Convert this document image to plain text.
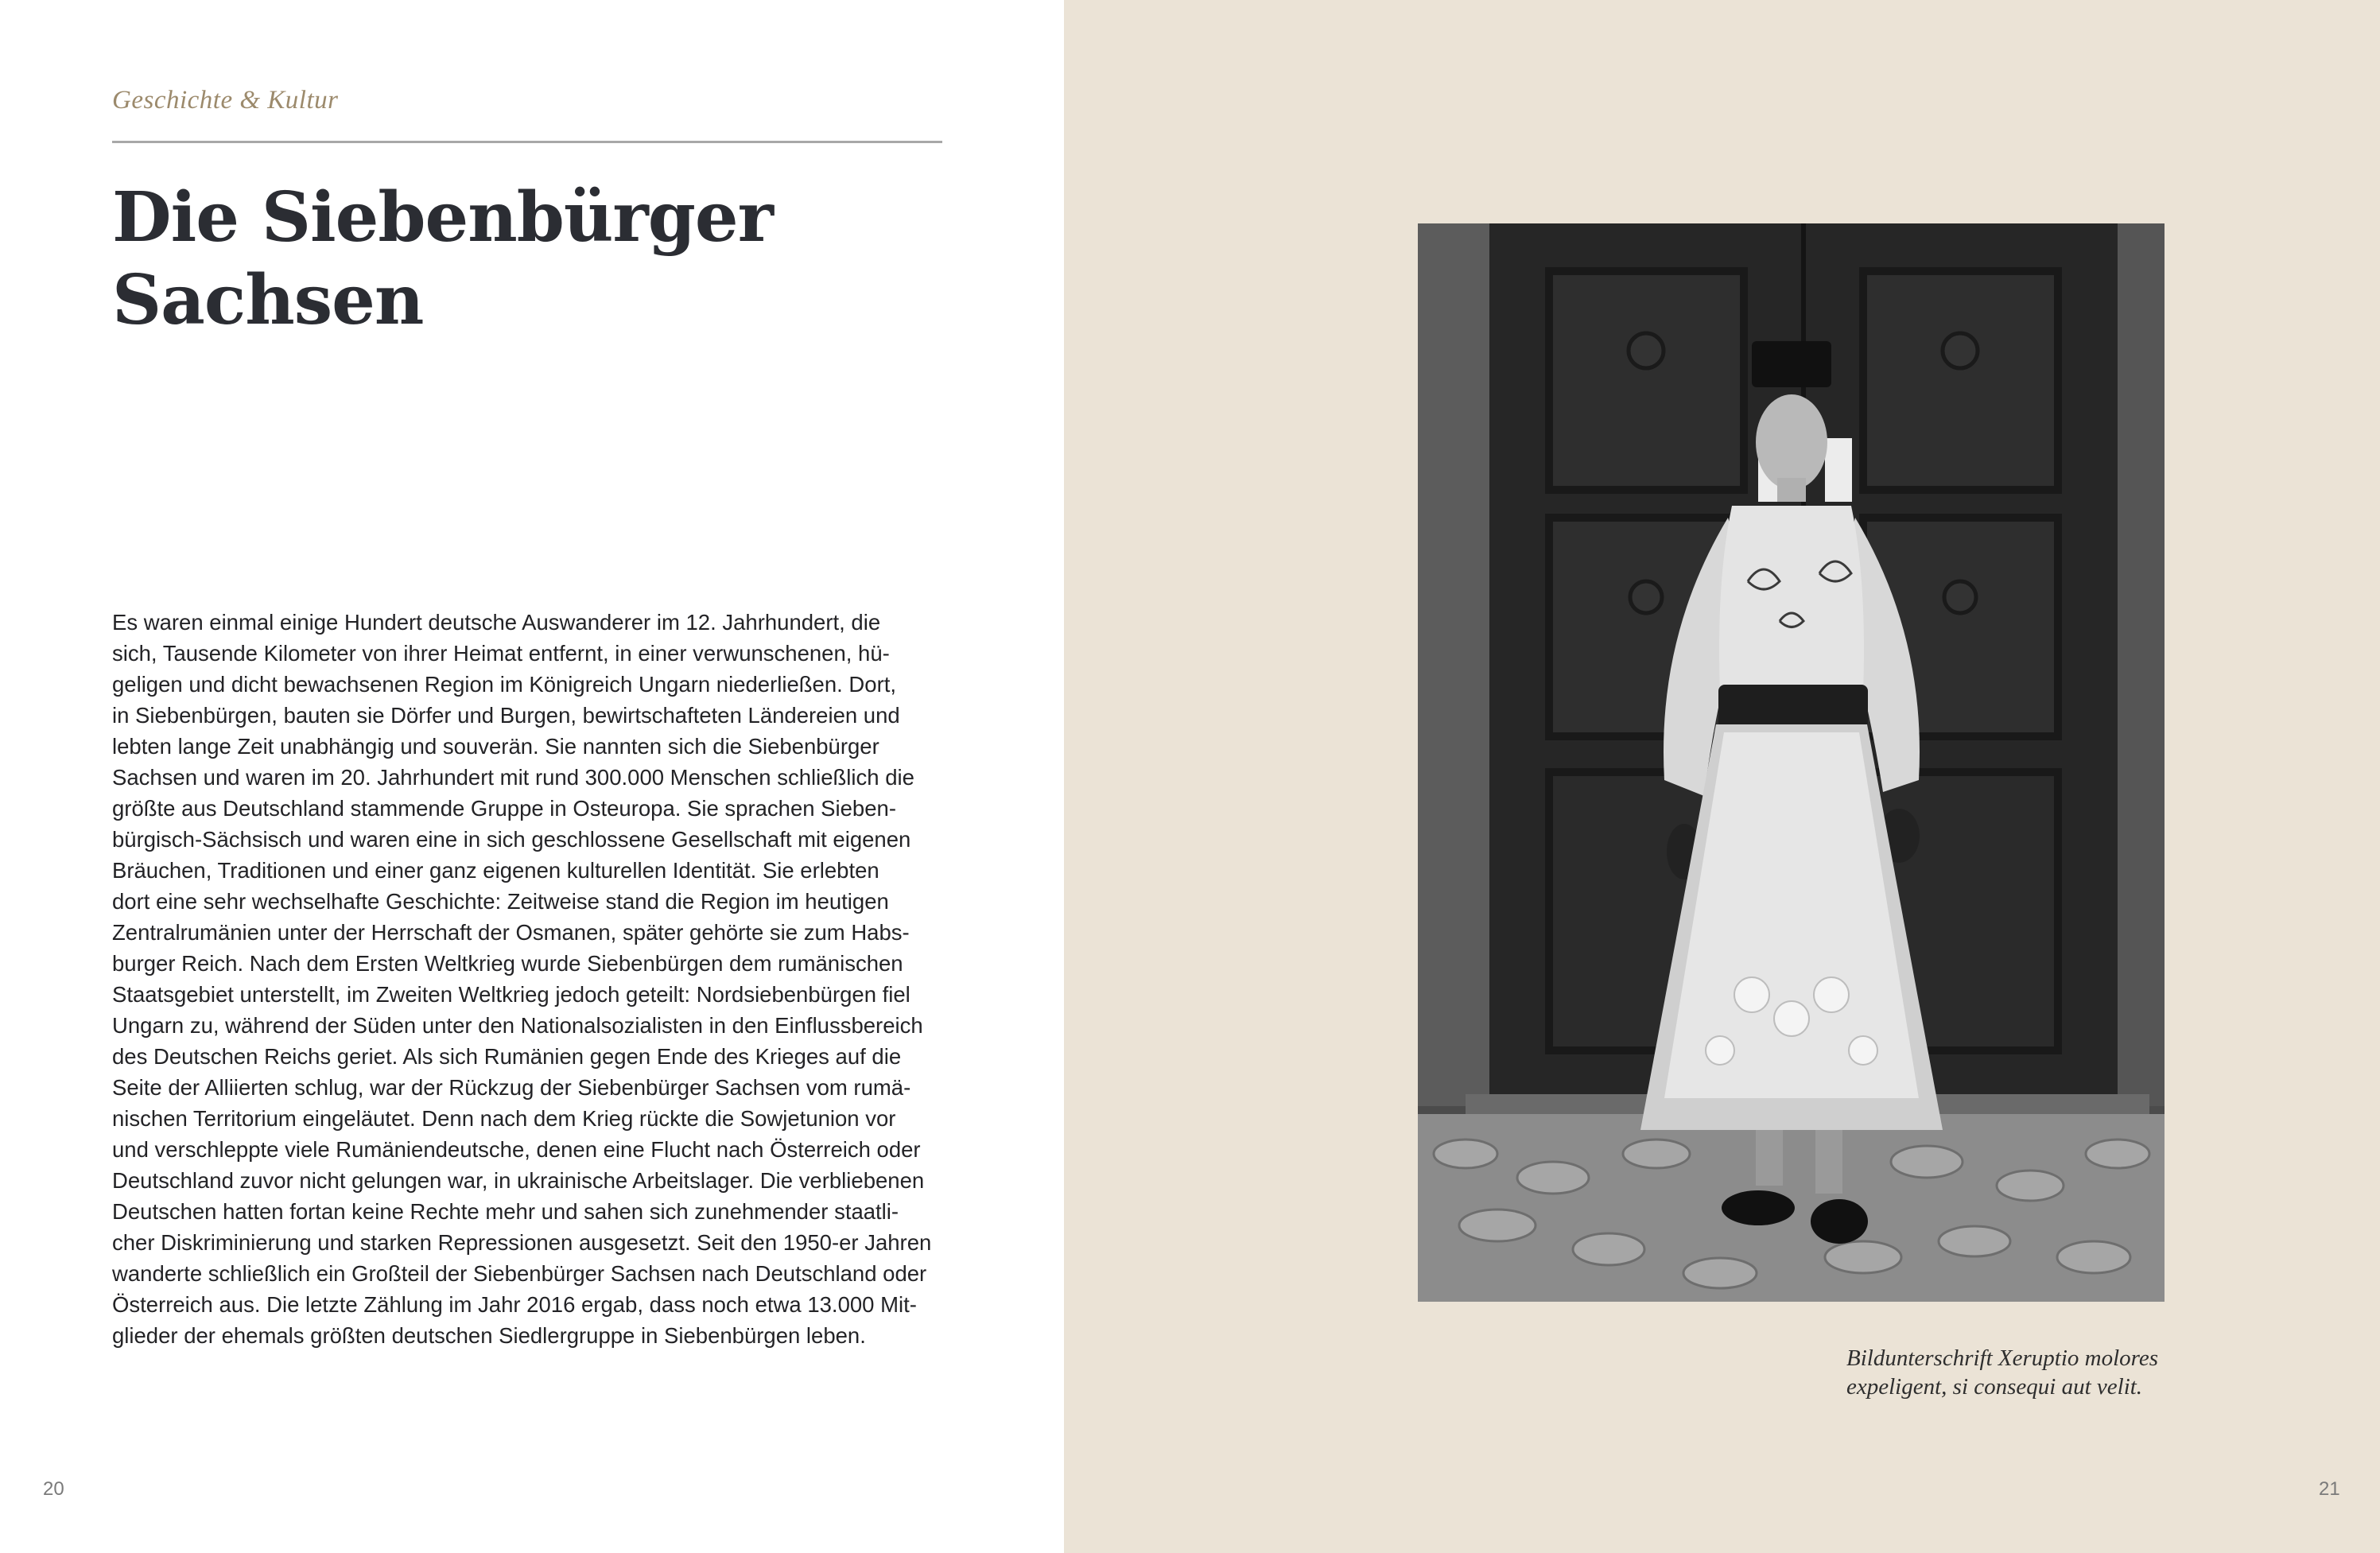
Geschichte & Kultur
Die Siebenbürger
Sachsen
Es waren einmal einige Hundert deutsche Auswanderer im 12. Jahrhundert, die
sich, Tausende Kilometer von ihrer Heimat entfernt, in einer verwunschenen, hü-
geligen und dicht bewachsenen Region im Königreich Ungarn niederließen. Dort,
in Siebenbürgen, bauten sie Dörfer und Burgen, bewirtschafteten Ländereien und
lebten lange Zeit unabhängig und souverän. Sie nannten sich die Siebenbürger
Sachsen und waren im 20. Jahrhundert mit rund 300.000 Menschen schließlich die
größte aus Deutschland stammende Gruppe in Osteuropa. Sie sprachen Sieben-
bürgisch-Sächsisch und waren eine in sich geschlossene Gesellschaft mit eigenen
Bräuchen, Traditionen und einer ganz eigenen kulturellen Identität. Sie erlebten
dort eine sehr wechselhafte Geschichte: Zeitweise stand die Region im heutigen
Zentralrumänien unter der Herrschaft der Osmanen, später gehörte sie zum Habs-
burger Reich. Nach dem Ersten Weltkrieg wurde Siebenbürgen dem rumänischen
Staatsgebiet unterstellt, im Zweiten Weltkrieg jedoch geteilt: Nordsiebenbürgen fiel
Ungarn zu, während der Süden unter den Nationalsozialisten in den Einflussbereich
des Deutschen Reichs geriet. Als sich Rumänien gegen Ende des Krieges auf die
Seite der Alliierten schlug, war der Rückzug der Siebenbürger Sachsen vom rumä-
nischen Territorium eingeläutet. Denn nach dem Krieg rückte die Sowjetunion vor
und verschleppte viele Rumäniendeutsche, denen eine Flucht nach Österreich oder
Deutschland zuvor nicht gelungen war, in ukrainische Arbeitslager. Die verbliebenen
Deutschen hatten fortan keine Rechte mehr und sahen sich zunehmender staatli-
cher Diskriminierung und starken Repressionen ausgesetzt. Seit den 1950-er Jahren
wanderte schließlich ein Großteil der Siebenbürger Sachsen nach Deutschland oder
Österreich aus. Die letzte Zählung im Jahr 2016 ergab, dass noch etwa 13.000 Mit-
glieder der ehemals größten deutschen Siedlergruppe in Siebenbürgen leben.
20
Bildunterschrift Xeruptio molores
expeligent, si consequi aut velit.
21
